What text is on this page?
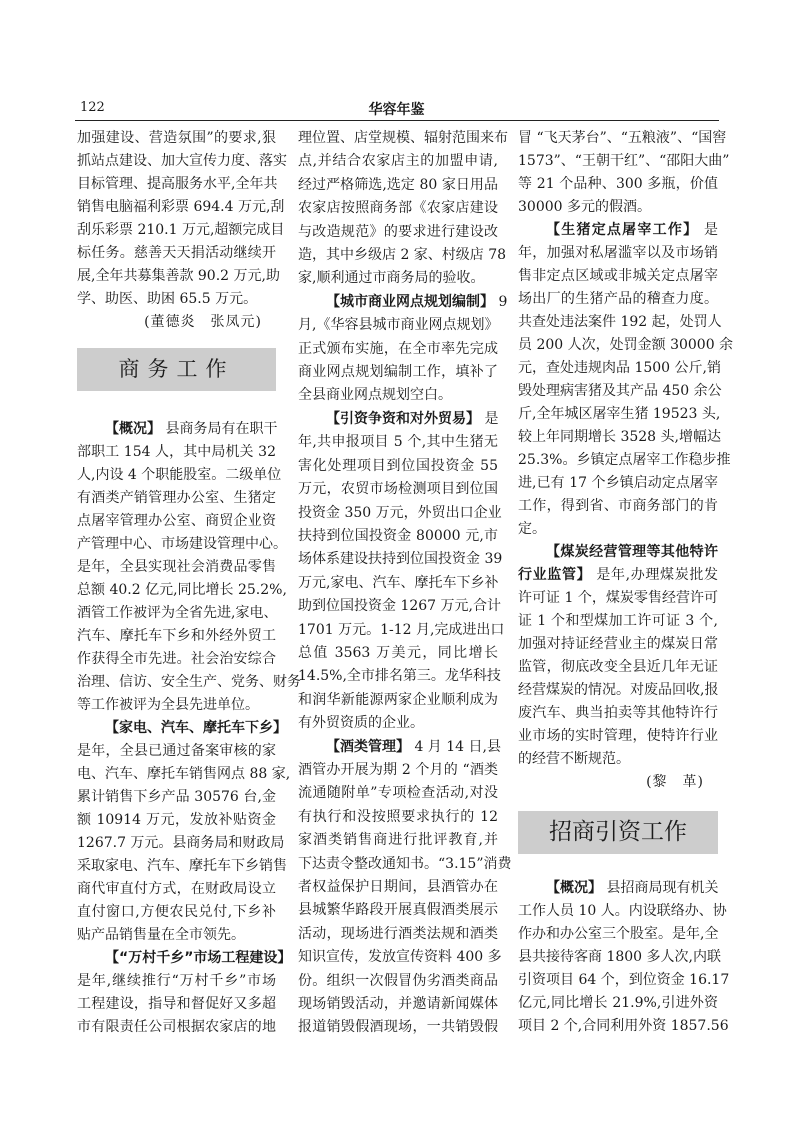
122	华容年鉴
加强建设、营造氛围”的要求,狠
抓站点建设、加大宣传力度、落实
目标管理、提高服务水平,全年共
销售电脑福利彩票 694.4 万元,刮
刮乐彩票 210.1 万元,超额完成目
标任务。慈善天天捐活动继续开
展,全年共募集善款 90.2 万元,助
学、助医、助困 65.5 万元。
(董德炎　张凤元)
商务工作
【概况】 县商务局有在职干
部职工 154 人，其中局机关 32
人,内设 4 个职能股室。二级单位
有酒类产销管理办公室、生猪定
点屠宰管理办公室、商贸企业资
产管理中心、市场建设管理中心。
是年，全县实现社会消费品零售
总额 40.2 亿元,同比增长 25.2%,
酒管工作被评为全省先进,家电、
汽车、摩托车下乡和外经外贸工
作获得全市先进。社会治安综合
治理、信访、安全生产、党务、财务
等工作被评为全县先进单位。
【家电、汽车、摩托车下乡】
是年，全县已通过备案审核的家
电、汽车、摩托车销售网点 88 家,
累计销售下乡产品 30576 台,金
额 10914 万元，发放补贴资金
1267.7 万元。县商务局和财政局
采取家电、汽车、摩托车下乡销售
商代审直付方式，在财政局设立
直付窗口,方便农民兑付,下乡补
贴产品销售量在全市领先。
【“万村千乡”市场工程建设】
是年,继续推行“万村千乡”市场
工程建设，指导和督促好又多超
市有限责任公司根据农家店的地
理位置、店堂规模、辐射范围来布
点,并结合农家店主的加盟申请,
经过严格筛选,选定 80 家日用品
农家店按照商务部《农家店建设
与改造规范》的要求进行建设改
造，其中乡级店 2 家、村级店 78
家,顺利通过市商务局的验收。
【城市商业网点规划编制】 9
月,《华容县城市商业网点规划》
正式颁布实施，在全市率先完成
商业网点规划编制工作，填补了
全县商业网点规划空白。
【引资争资和对外贸易】 是
年,共申报项目 5 个,其中生猪无
害化处理项目到位国投资金 55
万元，农贸市场检测项目到位国
投资金 350 万元，外贸出口企业
扶持到位国投资金 80000 元,市
场体系建设扶持到位国投资金 39
万元,家电、汽车、摩托车下乡补
助到位国投资金 1267 万元,合计
1701 万元。1-12 月,完成进出口
总值 3563 万美元，同比增长
14.5%,全市排名第三。龙华科技
和润华新能源两家企业顺利成为
有外贸资质的企业。
【酒类管理】 4 月 14 日,县
酒管办开展为期 2 个月的 “酒类
流通随附单”专项检查活动,对没
有执行和没按照要求执行的 12
家酒类销售商进行批评教育,并
下达责令整改通知书。“3.15”消费
者权益保护日期间，县酒管办在
县城繁华路段开展真假酒类展示
活动，现场进行酒类法规和酒类
知识宣传，发放宣传资料 400 多
份。组织一次假冒伪劣酒类商品
现场销毁活动，并邀请新闻媒体
报道销毁假酒现场，一共销毁假
冒 “飞天茅台”、“五粮液”、“国窖
1573”、“王朝干红”、“邵阳大曲”
等 21 个品种、300 多瓶，价值
30000 多元的假酒。
【生猪定点屠宰工作】 是
年，加强对私屠滥宰以及市场销
售非定点区域或非城关定点屠宰
场出厂的生猪产品的稽查力度。
共查处违法案件 192 起，处罚人
员 200 人次，处罚金额 30000 余
元，查处违规肉品 1500 公斤,销
毁处理病害猪及其产品 450 余公
斤,全年城区屠宰生猪 19523 头,
较上年同期增长 3528 头,增幅达
25.3%。乡镇定点屠宰工作稳步推
进,已有 17 个乡镇启动定点屠宰
工作，得到省、市商务部门的肯
定。
【煤炭经营管理等其他特许
行业监管】 是年,办理煤炭批发
许可证 1 个，煤炭零售经营许可
证 1 个和型煤加工许可证 3 个,
加强对持证经营业主的煤炭日常
监管，彻底改变全县近几年无证
经营煤炭的情况。对废品回收,报
废汽车、典当拍卖等其他特许行
业市场的实时管理，使特许行业
的经营不断规范。
(黎　革)
招商引资工作
【概况】 县招商局现有机关
工作人员 10 人。内设联络办、协
作办和办公室三个股室。是年,全
县共接待客商 1800 多人次,内联
引资项目 64 个，到位资金 16.17
亿元,同比增长 21.9%,引进外资
项目 2 个,合同利用外资 1857.56
